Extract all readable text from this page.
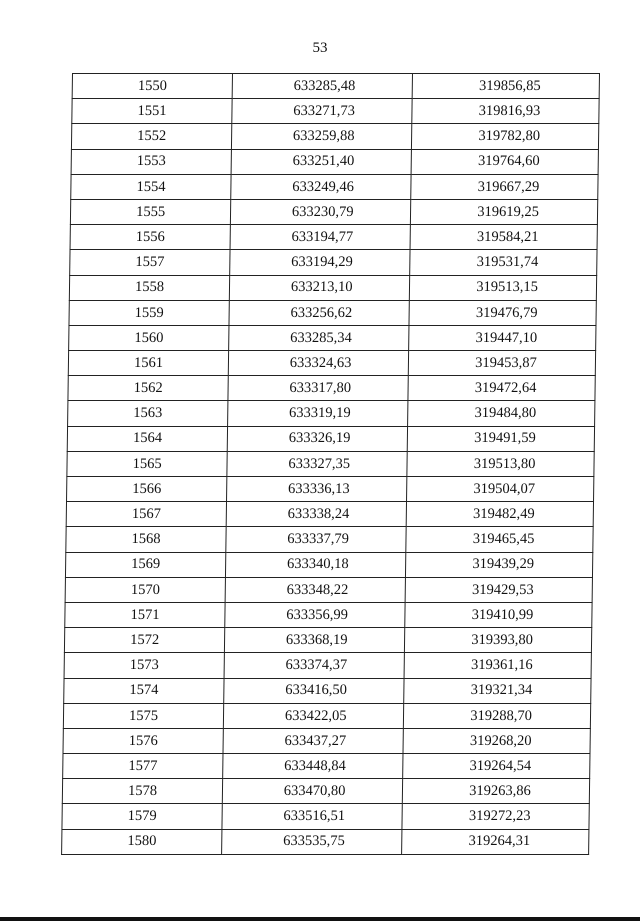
53
1550	633285,48	319856,85
1551	633271,73	319816,93
1552	633259,88	319782,80
1553	633251,40	319764,60
1554	633249,46	319667,29
1555	633230,79	319619,25
1556	633194,77	319584,21
1557	633194,29	319531,74
1558	633213,10	319513,15
1559	633256,62	319476,79
1560	633285,34	319447,10
1561	633324,63	319453,87
1562	633317,80	319472,64
1563	633319,19	319484,80
1564	633326,19	319491,59
1565	633327,35	319513,80
1566	633336,13	319504,07
1567	633338,24	319482,49
1568	633337,79	319465,45
1569	633340,18	319439,29
1570	633348,22	319429,53
1571	633356,99	319410,99
1572	633368,19	319393,80
1573	633374,37	319361,16
1574	633416,50	319321,34
1575	633422,05	319288,70
1576	633437,27	319268,20
1577	633448,84	319264,54
1578	633470,80	319263,86
1579	633516,51	319272,23
1580	633535,75	319264,31
